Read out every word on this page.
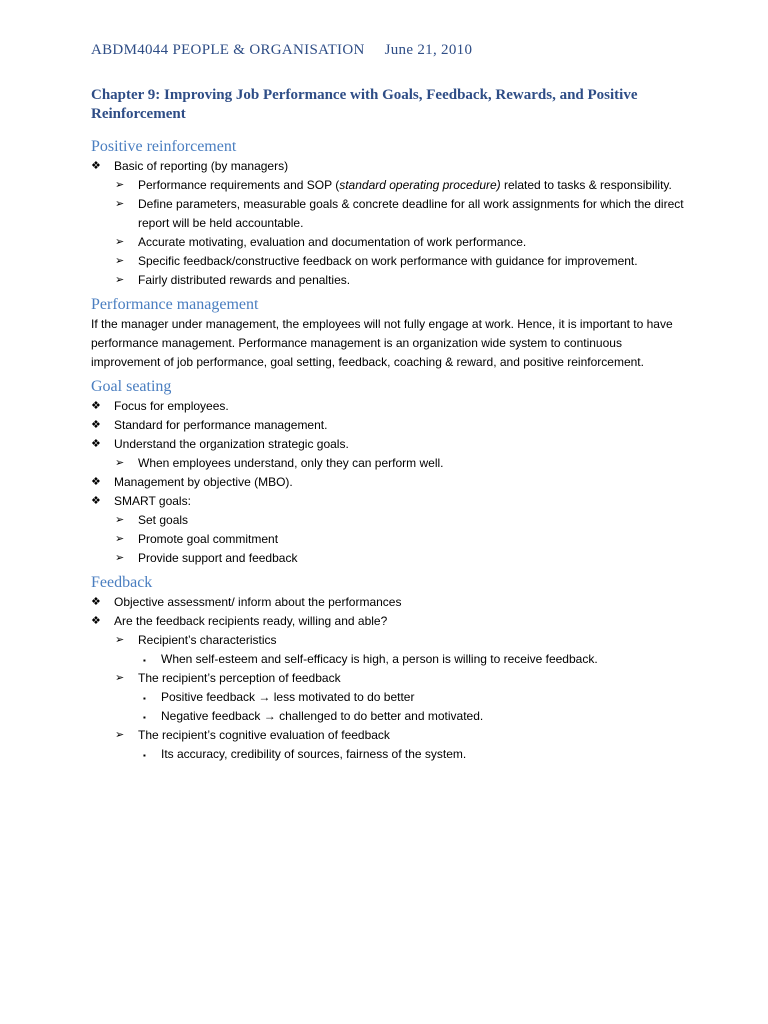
ABDM4044 PEOPLE & ORGANISATION June 21, 2010
Chapter 9: Improving Job Performance with Goals, Feedback, Rewards, and Positive Reinforcement
Positive reinforcement
❖ Basic of reporting (by managers)
➢ Performance requirements and SOP (standard operating procedure) related to tasks & responsibility.
➢ Define parameters, measurable goals & concrete deadline for all work assignments for which the direct report will be held accountable.
➢ Accurate motivating, evaluation and documentation of work performance.
➢ Specific feedback/constructive feedback on work performance with guidance for improvement.
➢ Fairly distributed rewards and penalties.
Performance management

If the manager under management, the employees will not fully engage at work. Hence, it is important to have performance management. Performance management is an organization wide system to continuous improvement of job performance, goal setting, feedback, coaching & reward, and positive reinforcement.

Goal seating
❖ Focus for employees.
❖ Standard for performance management.
❖ Understand the organization strategic goals.
➢ When employees understand, only they can perform well.
❖ Management by objective (MBO).
❖ SMART goals:
➢ Set goals
➢ Promote goal commitment
➢ Provide support and feedback
Feedback
❖ Objective assessment/ inform about the performances
❖ Are the feedback recipients ready, willing and able?
➢ Recipient’s characteristics
▪ When self-esteem and self-efficacy is high, a person is willing to receive feedback.
➢ The recipient’s perception of feedback
▪ Positive feedback → less motivated to do better
▪ Negative feedback → challenged to do better and motivated.
➢ The recipient’s cognitive evaluation of feedback
▪ Its accuracy, credibility of sources, fairness of the system.
